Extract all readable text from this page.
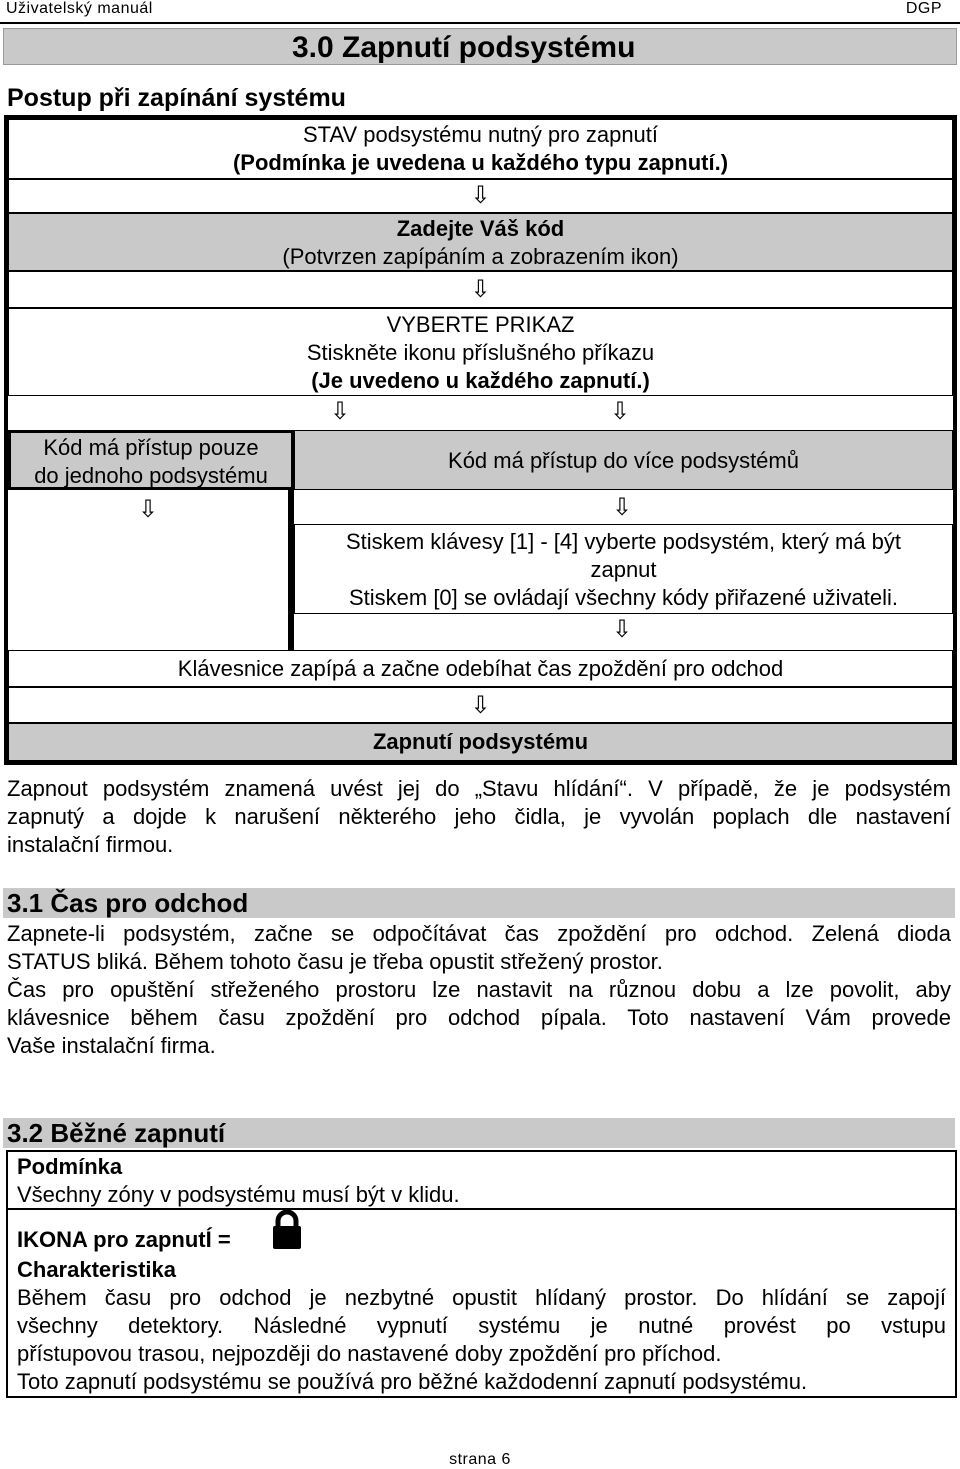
Uživatelský manuál	DGP
3.0 Zapnutí podsystému
Postup při zapínání systému
STAV podsystému nutný pro zapnutí
(Podmínka je uvedena u každého typu zapnutí.)
⇩
Zadejte Váš kód
(Potvrzen zapípáním a zobrazením ikon)
⇩
VYBERTE PRIKAZ
Stiskněte ikonu příslušného příkazu
(Je uvedeno u každého zapnutí.)
⇩	⇩
Kód má přístup pouze
do jednoho podsystému
⇩
Kód má přístup do více podsystémů
⇩
Stiskem klávesy [1] - [4] vyberte podsystém, který má být
zapnut
Stiskem [0] se ovládají všechny kódy přiřazené uživateli.
⇩
Klávesnice zapípá a začne odebíhat čas zpoždění pro odchod
⇩
Zapnutí podsystému
Zapnout podsystém znamená uvést jej do „Stavu hlídání“. V případě, že je podsystém
zapnutý a dojde k narušení některého jeho čidla, je vyvolán poplach dle nastavení
instalační firmou.
3.1 Čas pro odchod
Zapnete-li podsystém, začne se odpočítávat čas zpoždění pro odchod. Zelená dioda
STATUS bliká. Během tohoto času je třeba opustit střežený prostor.
Čas pro opuštění střeženého prostoru lze nastavit na různou dobu a lze povolit, aby
klávesnice během času zpoždění pro odchod pípala. Toto nastavení Vám provede
Vaše instalační firma.
3.2 Běžné zapnutí
Podmínka
Všechny zóny v podsystému musí být v klidu.
IKONA pro zapnutÍ =
Charakteristika
Během času pro odchod je nezbytné opustit hlídaný prostor. Do hlídání se zapojí
všechny detektory. Následné vypnutí systému je nutné provést po vstupu
přístupovou trasou, nejpozději do nastavené doby zpoždění pro příchod.
Toto zapnutí podsystému se používá pro běžné každodenní zapnutí podsystému.
strana 6
